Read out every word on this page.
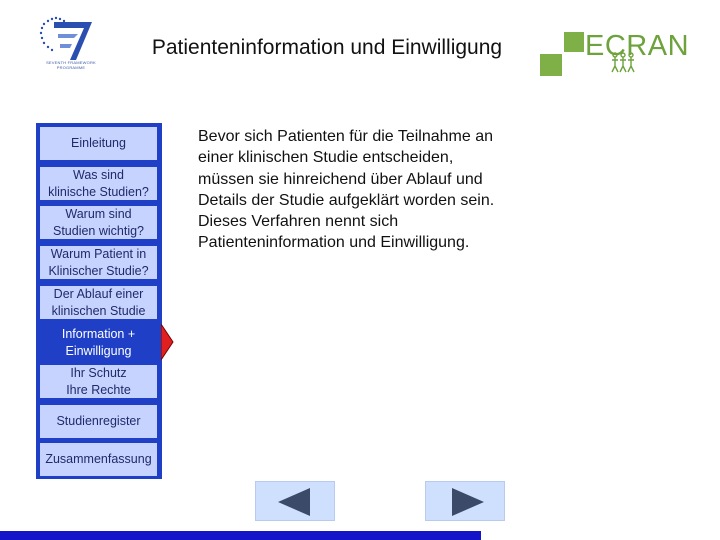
SEVENTH FRAMEWORK PROGRAMME
Patienteninformation und Einwilligung	ECRAN
Einleitung
Was sind
klinische Studien?
Warum sind
Studien wichtig?
Warum Patient in
Klinischer Studie?
Der Ablauf einer
klinischen Studie
Information +
Einwilligung
Ihr Schutz
Ihre Rechte
Studienregister
Zusammenfassung
Bevor sich Patienten für die Teilnahme an einer klinischen Studie entscheiden, müssen sie hinreichend über Ablauf und Details der Studie aufgeklärt worden sein. Dieses Verfahren nennt sich Patienteninformation und Einwilligung.
